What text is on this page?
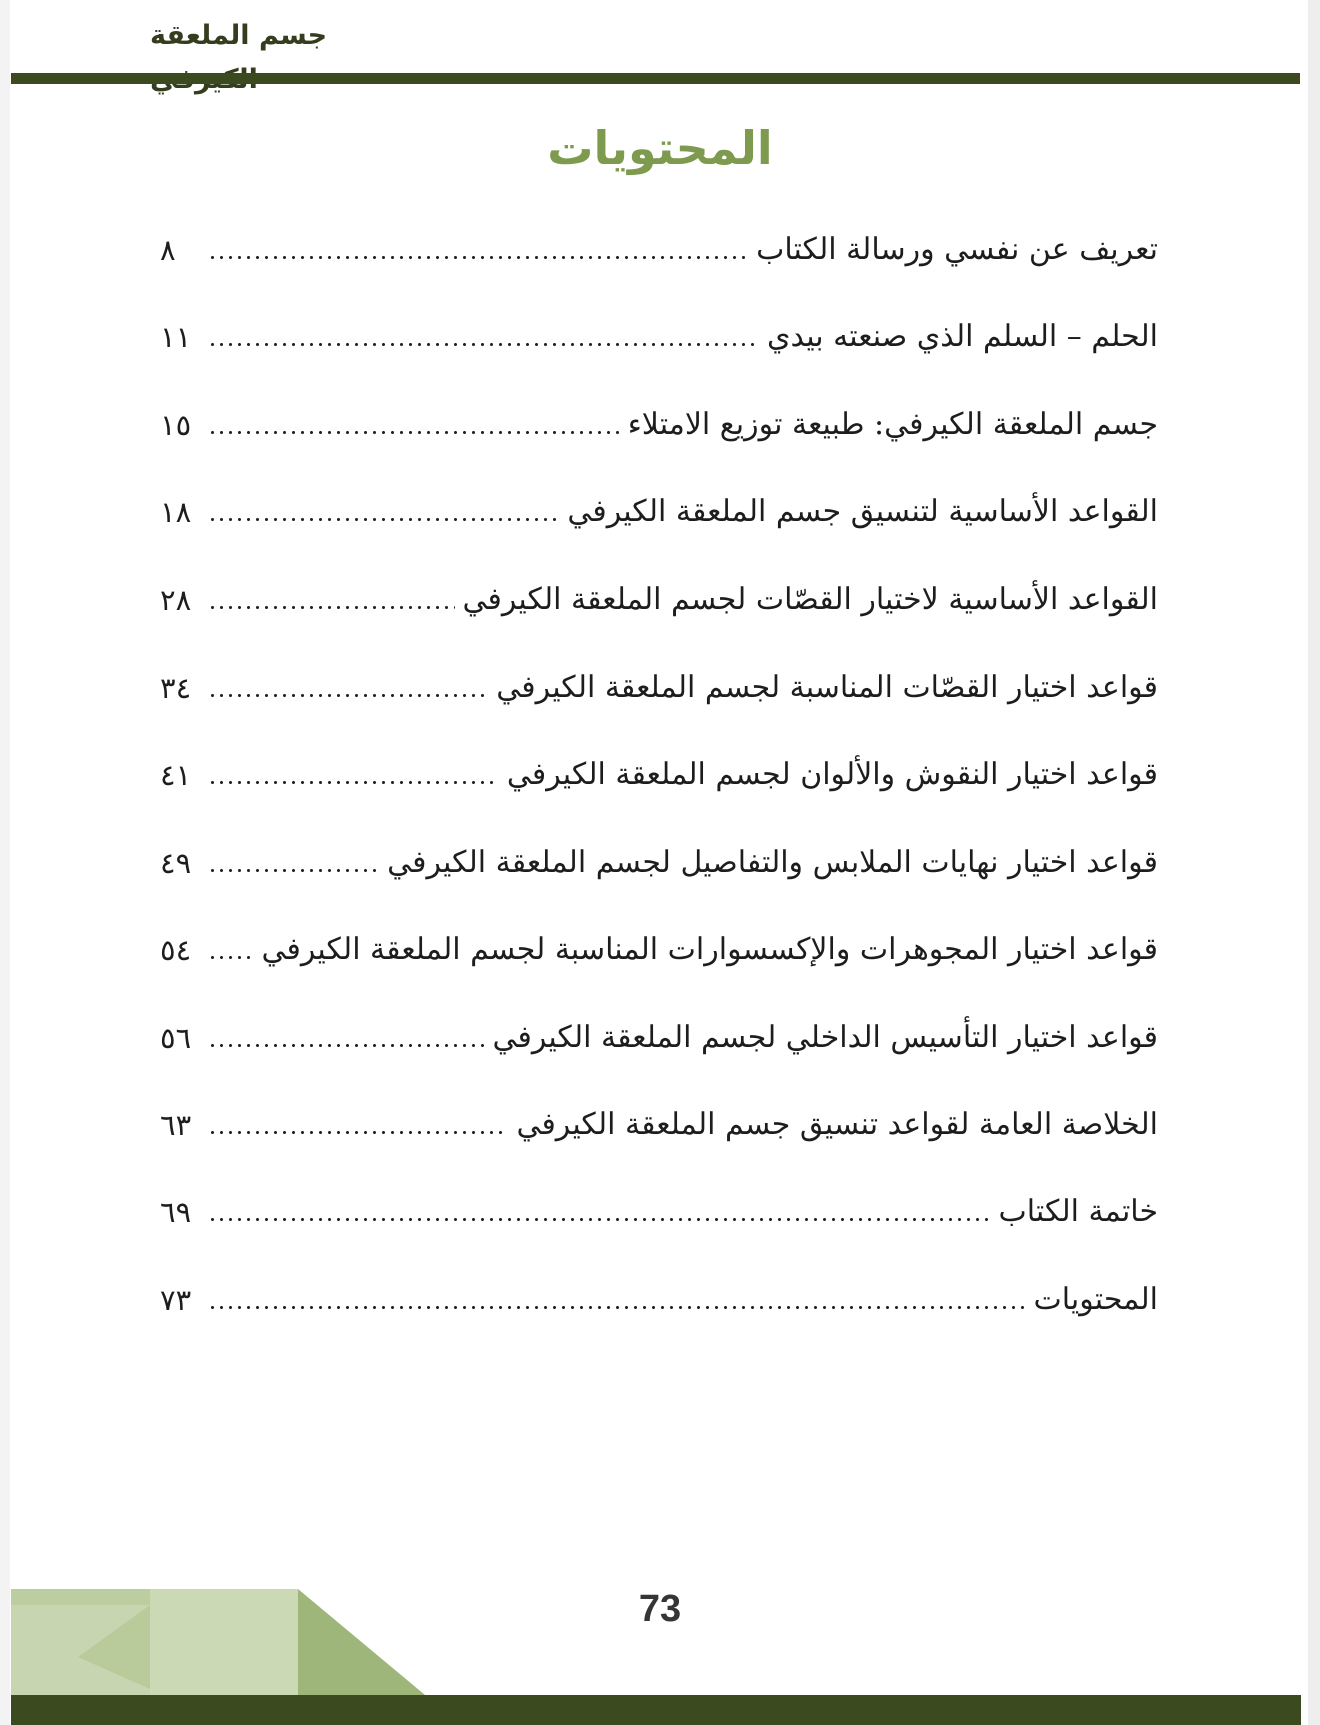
جسم الملعقة
المحتويات
تعريف عن نفسي ورسالة الكتاب
٨
الحلم – السلم الذي صنعته بيدي
١١
جسم الملعقة الكيرفي: طبيعة توزيع الامتلاء
١٥
القواعد الأساسية لتنسيق جسم الملعقة الكيرفي
١٨
القواعد الأساسية لاختيار القصّات لجسم الملعقة الكيرفي
٢٨
قواعد اختيار القصّات المناسبة لجسم الملعقة الكيرفي
٣٤
قواعد اختيار النقوش والألوان لجسم الملعقة الكيرفي
٤١
قواعد اختيار نهايات الملابس والتفاصيل لجسم الملعقة الكيرفي
٤٩
قواعد اختيار المجوهرات والإكسسوارات المناسبة لجسم الملعقة الكيرفي
٥٤
قواعد اختيار التأسيس الداخلي لجسم الملعقة الكيرفي
٥٦
الخلاصة العامة لقواعد تنسيق جسم الملعقة الكيرفي
٦٣
خاتمة الكتاب
٦٩
المحتويات
٧٣
73
